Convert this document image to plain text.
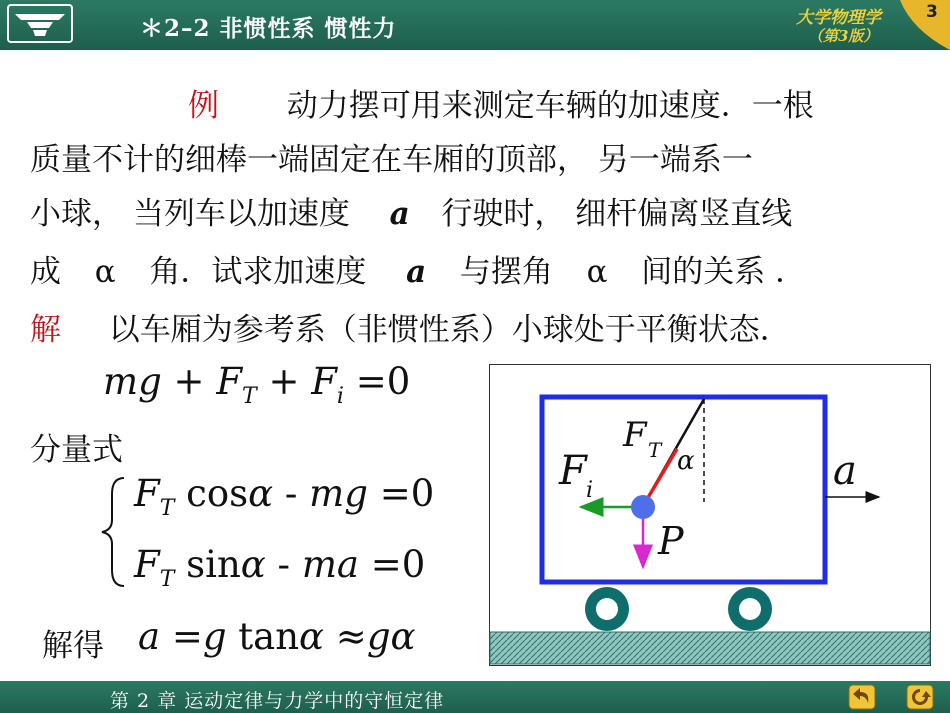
＊2–2 非惯性系 惯性力	大学物理学
（第3版）
3
例 动力摆可用来测定车辆的加速度．一根
质量不计的细棒一端固定在车厢的顶部， 另一端系一
小球， 当列车以加速度 a 行驶时， 细杆偏离竖直线
成 α 角．试求加速度 a 与摆角 α 间的关系 ．
解 以车厢为参考系（非惯性系）小球处于平衡状态．
mg + $F_T + F_i =0$
分量式
$F_T$ cosα - mg =0
$F_T$ sinα - ma =0
解得 a =g tanα ≈gα
F i
F T α
P
a
第 2 章 运动定律与力学中的守恒定律
